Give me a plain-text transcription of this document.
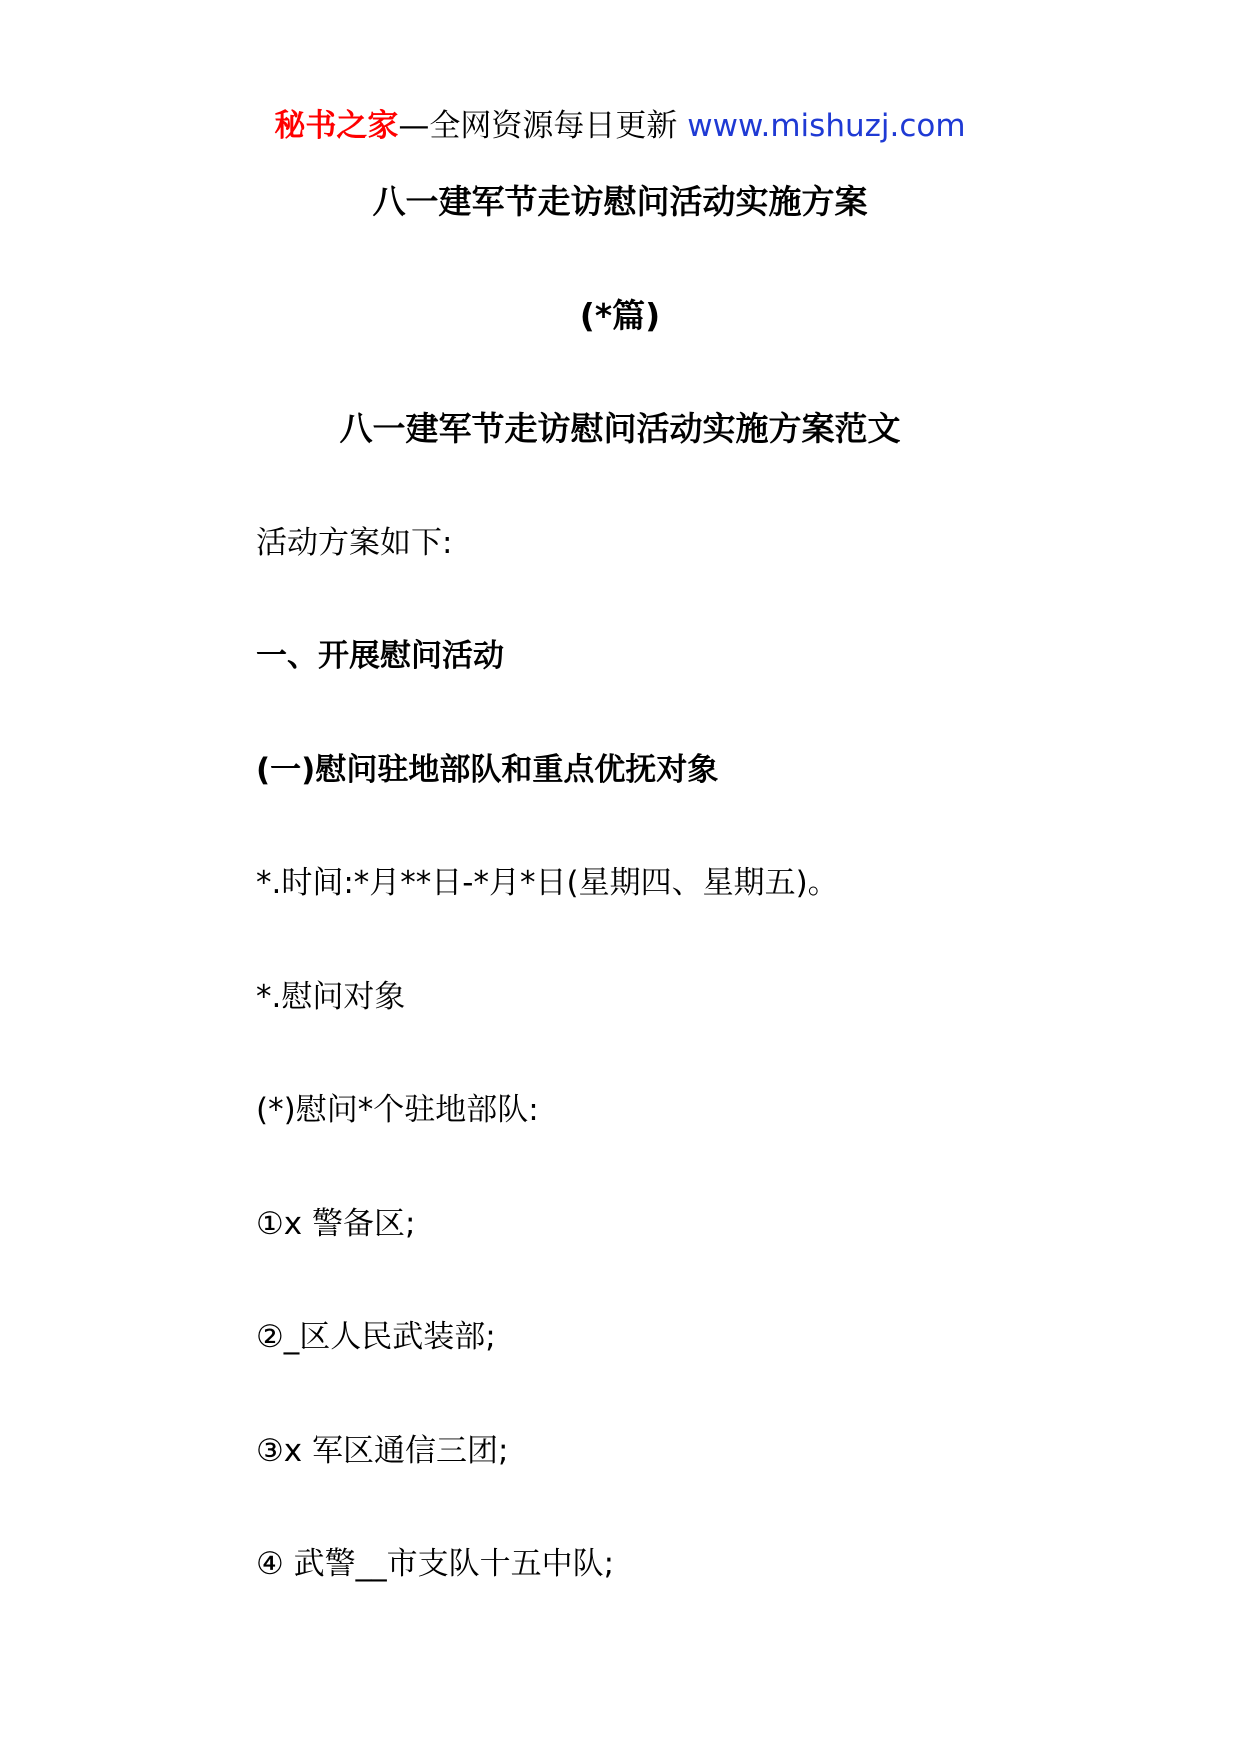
秘书之家—全网资源每日更新 www.mishuzj.com
八一建军节走访慰问活动实施方案
(*篇)
八一建军节走访慰问活动实施方案范文
活动方案如下:
一、开展慰问活动
(一)慰问驻地部队和重点优抚对象
*.时间:*月**日-*月*日(星期四、星期五)。
*.慰问对象
(*)慰问*个驻地部队:
①x 警备区;
②_区人民武装部;
③x 军区通信三团;
④ 武警__市支队十五中队;
